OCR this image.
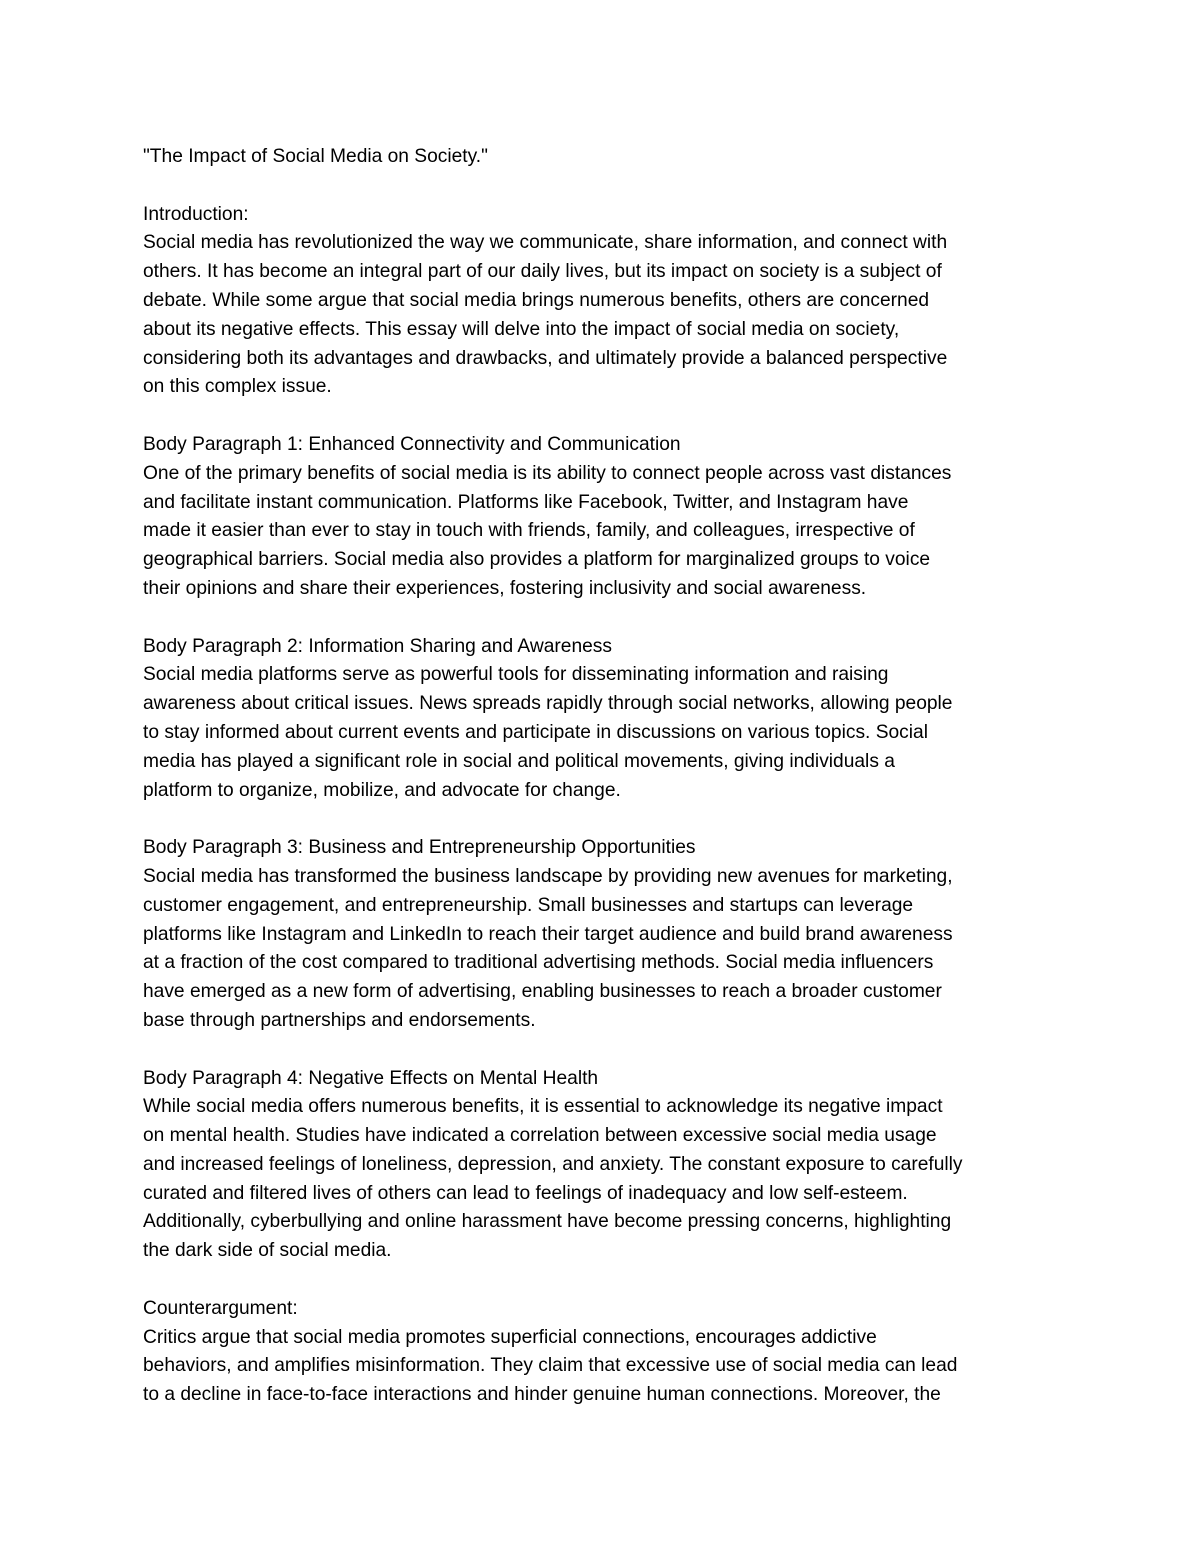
"The Impact of Social Media on Society."
Introduction:
Social media has revolutionized the way we communicate, share information, and connect with
others. It has become an integral part of our daily lives, but its impact on society is a subject of
debate. While some argue that social media brings numerous benefits, others are concerned
about its negative effects. This essay will delve into the impact of social media on society,
considering both its advantages and drawbacks, and ultimately provide a balanced perspective
on this complex issue.
Body Paragraph 1: Enhanced Connectivity and Communication
One of the primary benefits of social media is its ability to connect people across vast distances
and facilitate instant communication. Platforms like Facebook, Twitter, and Instagram have
made it easier than ever to stay in touch with friends, family, and colleagues, irrespective of
geographical barriers. Social media also provides a platform for marginalized groups to voice
their opinions and share their experiences, fostering inclusivity and social awareness.
Body Paragraph 2: Information Sharing and Awareness
Social media platforms serve as powerful tools for disseminating information and raising
awareness about critical issues. News spreads rapidly through social networks, allowing people
to stay informed about current events and participate in discussions on various topics. Social
media has played a significant role in social and political movements, giving individuals a
platform to organize, mobilize, and advocate for change.
Body Paragraph 3: Business and Entrepreneurship Opportunities
Social media has transformed the business landscape by providing new avenues for marketing,
customer engagement, and entrepreneurship. Small businesses and startups can leverage
platforms like Instagram and LinkedIn to reach their target audience and build brand awareness
at a fraction of the cost compared to traditional advertising methods. Social media influencers
have emerged as a new form of advertising, enabling businesses to reach a broader customer
base through partnerships and endorsements.
Body Paragraph 4: Negative Effects on Mental Health
While social media offers numerous benefits, it is essential to acknowledge its negative impact
on mental health. Studies have indicated a correlation between excessive social media usage
and increased feelings of loneliness, depression, and anxiety. The constant exposure to carefully
curated and filtered lives of others can lead to feelings of inadequacy and low self-esteem.
Additionally, cyberbullying and online harassment have become pressing concerns, highlighting
the dark side of social media.
Counterargument:
Critics argue that social media promotes superficial connections, encourages addictive
behaviors, and amplifies misinformation. They claim that excessive use of social media can lead
to a decline in face-to-face interactions and hinder genuine human connections. Moreover, the
